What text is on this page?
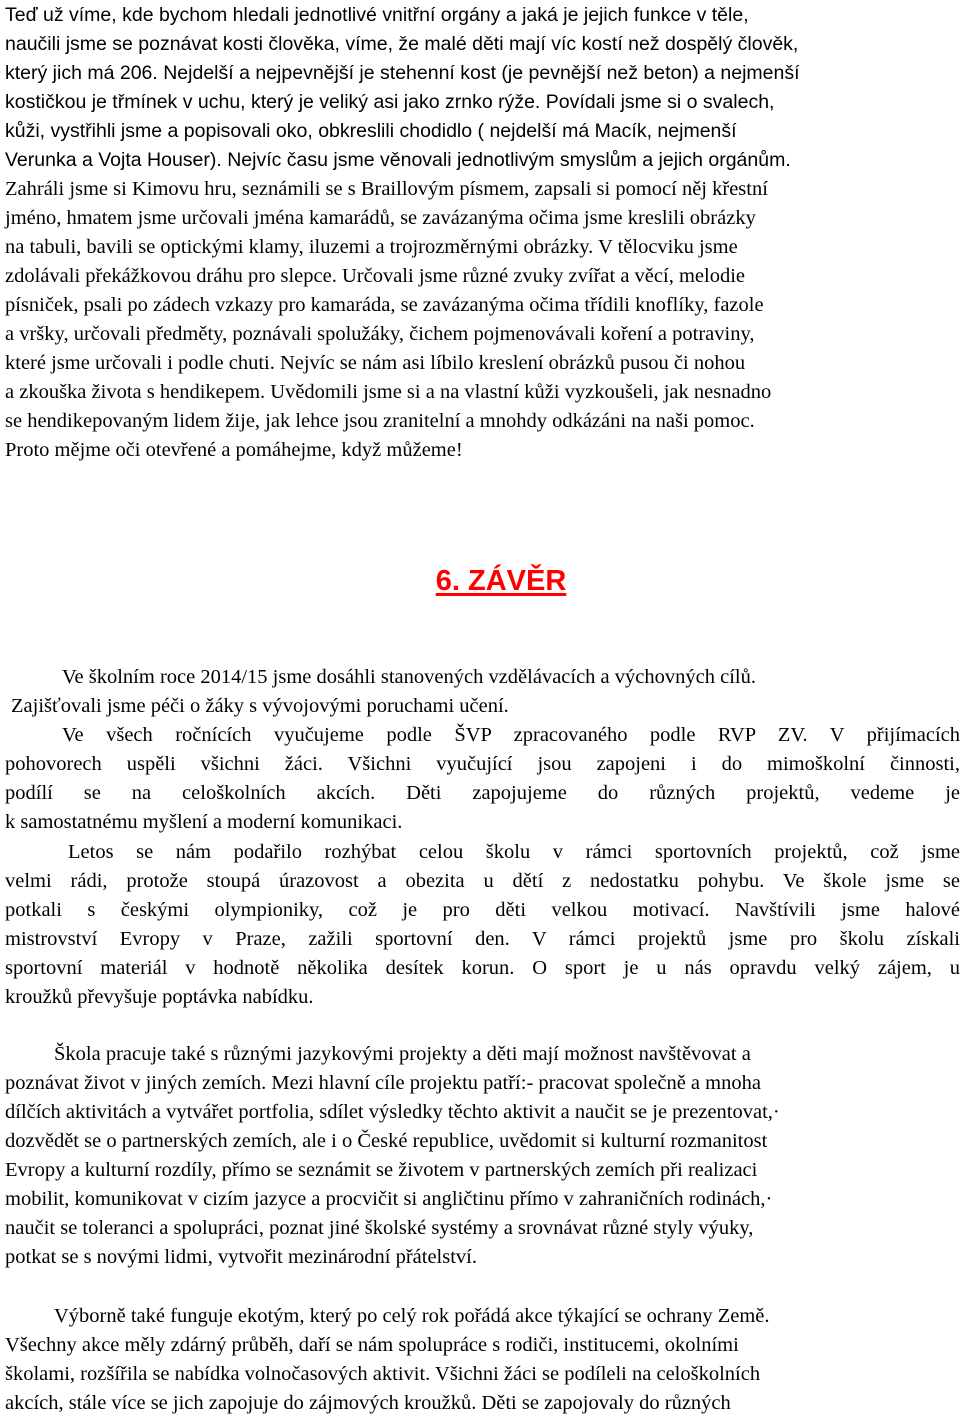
Teď už víme, kde bychom hledali jednotlivé vnitřní orgány a jaká je jejich funkce v těle,
naučili jsme se poznávat kosti člověka, víme, že malé děti mají víc kostí než dospělý člověk,
který jich má 206. Nejdelší a nejpevnější je stehenní kost (je pevnější než beton) a nejmenší
kostičkou je třmínek v uchu, který je veliký asi jako zrnko rýže. Povídali jsme si o svalech,
kůži, vystřihli jsme a popisovali oko, obkreslili chodidlo ( nejdelší má Macík, nejmenší
Verunka a Vojta Houser). Nejvíc času jsme věnovali jednotlivým smyslům a jejich orgánům.
Zahráli jsme si Kimovu hru, seznámili se s Braillovým písmem, zapsali si pomocí něj křestní
jméno, hmatem jsme určovali jména kamarádů, se zavázanýma očima jsme kreslili obrázky
na tabuli, bavili se optickými klamy, iluzemi a trojrozměrnými obrázky. V tělocviku jsme
zdolávali překážkovou dráhu pro slepce. Určovali jsme různé zvuky zvířat a věcí, melodie
písniček, psali po zádech vzkazy pro kamaráda, se zavázanýma očima třídili knoflíky, fazole
a vršky, určovali předměty, poznávali spolužáky, čichem pojmenovávali koření a potraviny,
které jsme určovali i podle chuti. Nejvíc se nám asi líbilo kreslení obrázků pusou či nohou
a zkouška života s hendikepem. Uvědomili jsme si a na vlastní kůži vyzkoušeli, jak nesnadno
se hendikepovaným lidem žije, jak lehce jsou zranitelní a mnohdy odkázáni na naši pomoc.
Proto mějme oči otevřené a pomáhejme, když můžeme!
6. ZÁVĚR
Ve školním roce 2014/15 jsme dosáhli stanovených vzdělávacích a výchovných cílů.
Zajišťovali jsme péči o žáky s vývojovými poruchami učení.
Ve všech ročnících vyučujeme podle ŠVP zpracovaného podle RVP ZV. V přijímacích
pohovorech uspěli všichni žáci. Všichni vyučující jsou zapojeni i do mimoškolní činnosti,
podílí se na celoškolních akcích. Děti zapojujeme do různých projektů, vedeme je
k samostatnému myšlení a moderní komunikaci.
Letos se nám podařilo rozhýbat celou školu v rámci sportovních projektů, což jsme
velmi rádi, protože stoupá úrazovost a obezita u dětí z nedostatku pohybu. Ve škole jsme se
potkali s českými olympioniky, což je pro děti velkou motivací. Navštívili jsme halové
mistrovství Evropy v Praze, zažili sportovní den. V rámci projektů jsme pro školu získali
sportovní materiál v hodnotě několika desítek korun. O sport je u nás opravdu velký zájem, u
kroužků převyšuje poptávka nabídku.
Škola pracuje také s různými jazykovými projekty a děti mají možnost navštěvovat a
poznávat život v jiných zemích. Mezi hlavní cíle projektu patří:- pracovat společně a mnoha
dílčích aktivitách a vytvářet portfolia, sdílet výsledky těchto aktivit a naučit se je prezentovat,·
dozvědět se o partnerských zemích, ale i o České republice, uvědomit si kulturní rozmanitost
Evropy a kulturní rozdíly, přímo se seznámit se životem v partnerských zemích při realizaci
mobilit, komunikovat v cizím jazyce a procvičit si angličtinu přímo v zahraničních rodinách,·
naučit se toleranci a spolupráci, poznat jiné školské systémy a srovnávat různé styly výuky,
potkat se s novými lidmi, vytvořit mezinárodní přátelství.
Výborně také funguje ekotým, který po celý rok pořádá akce týkající se ochrany Země.
Všechny akce měly zdárný průběh, daří se nám spolupráce s rodiči, institucemi, okolními
školami, rozšířila se nabídka volnočasových aktivit. Všichni žáci se podíleli na celoškolních
akcích, stále více se jich zapojuje do zájmových kroužků. Děti se zapojovaly do různých
